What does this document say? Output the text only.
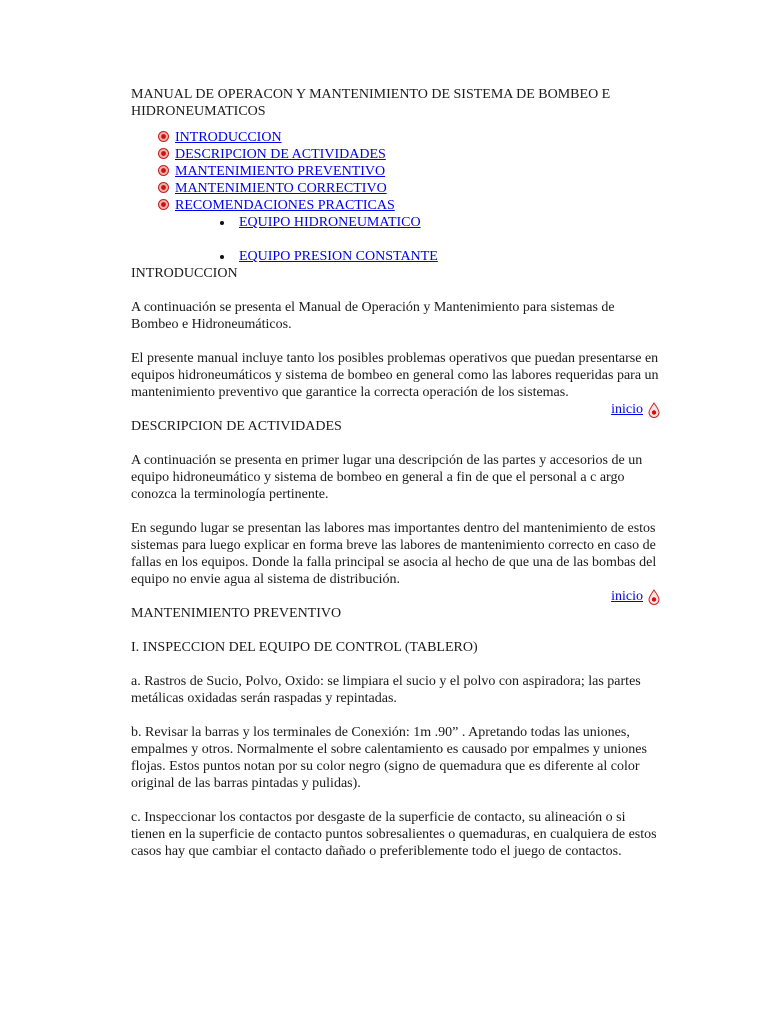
MANUAL DE OPERACON Y MANTENIMIENTO DE SISTEMA DE BOMBEO E HIDRONEUMATICOS
INTRODUCCION
DESCRIPCION DE ACTIVIDADES
MANTENIMIENTO PREVENTIVO
MANTENIMIENTO CORRECTIVO
RECOMENDACIONES PRACTICAS
EQUIPO HIDRONEUMATICO
EQUIPO PRESION CONSTANTE
INTRODUCCION

A continuación se presenta el Manual de Operación y Mantenimiento para sistemas de Bombeo e Hidroneumáticos.

El presente manual incluye tanto los posibles problemas operativos que puedan presentarse en equipos hidroneumáticos y sistema de bombeo en general como las labores requeridas para un mantenimiento preventivo que garantice la correcta operación de los sistemas.

inicio
DESCRIPCION DE ACTIVIDADES

A continuación se presenta en primer lugar una descripción de las partes y accesorios de un equipo hidroneumático y sistema de bombeo en general a fin de que el personal a c argo conozca la terminología pertinente.

En segundo lugar se presentan las labores mas importantes dentro del mantenimiento de estos sistemas para luego explicar en forma breve las labores de mantenimiento correcto en caso de fallas en los equipos. Donde la falla principal se asocia al hecho de que una de las bombas del equipo no envie agua al sistema de distribución.

inicio
MANTENIMIENTO PREVENTIVO

I. INSPECCION DEL EQUIPO DE CONTROL (TABLERO)

a. Rastros de Sucio, Polvo, Oxido: se limpiara el sucio y el polvo con aspiradora; las partes metálicas oxidadas serán raspadas y repintadas.

b. Revisar la barras y los terminales de Conexión: 1m .90” . Apretando todas las uniones, empalmes y otros. Normalmente el sobre calentamiento es causado por empalmes y uniones flojas. Estos puntos notan por su color negro (signo de quemadura que es diferente al color original de las barras pintadas y pulidas).

c. Inspeccionar los contactos por desgaste de la superficie de contacto, su alineación o si tienen en la superficie de contacto puntos sobresalientes o quemaduras, en cualquiera de estos casos hay que cambiar el contacto dañado o preferiblemente todo el juego de contactos.
